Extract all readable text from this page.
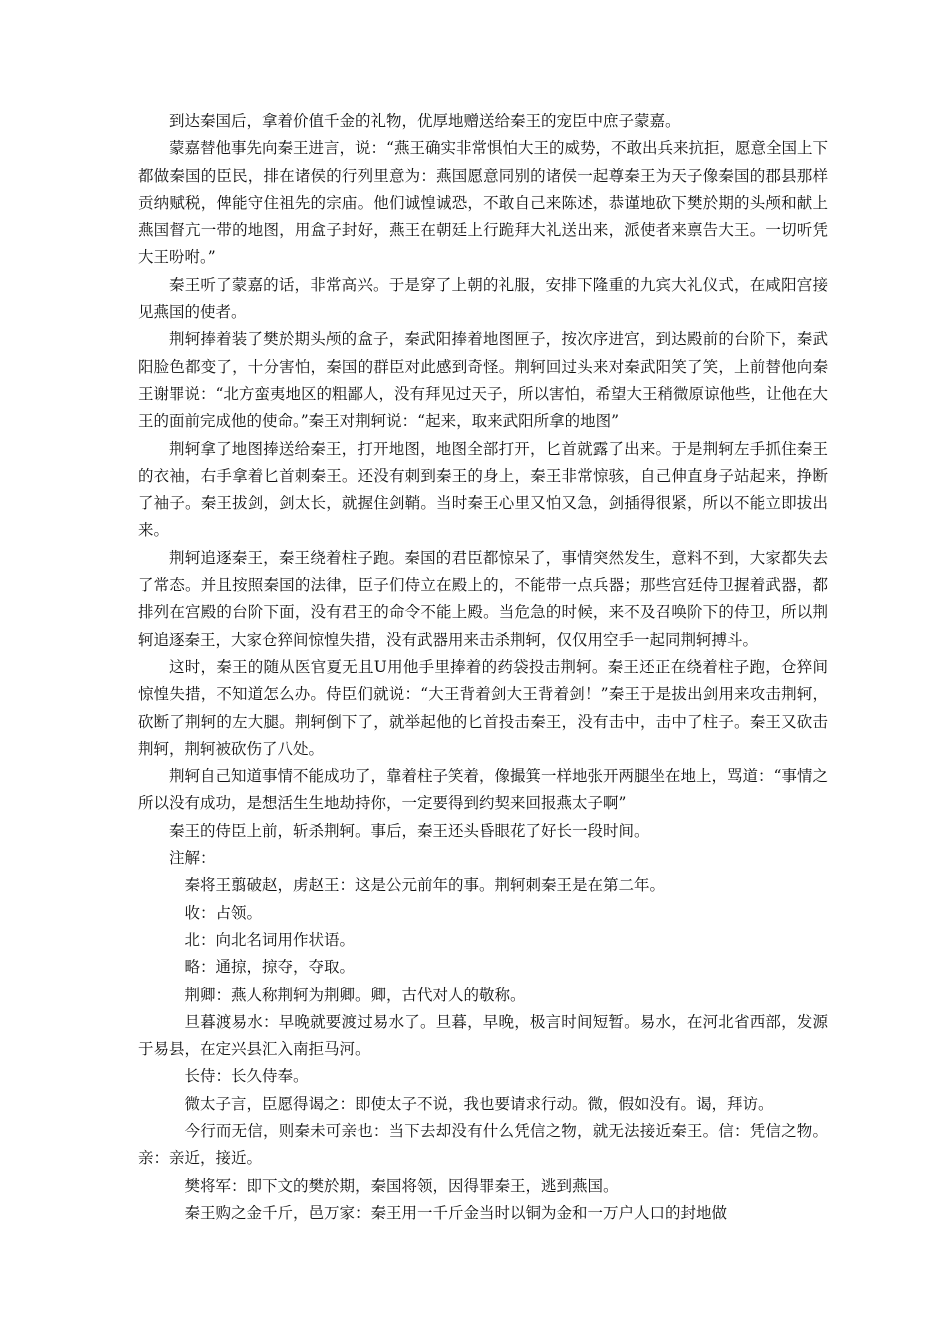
到达秦国后，拿着价值千金的礼物，优厚地赠送给秦王的宠臣中庶子蒙嘉。

蒙嘉替他事先向秦王进言，说：“燕王确实非常惧怕大王的威势，不敢出兵来抗拒，愿意全国上下都做秦国的臣民，排在诸侯的行列里意为：燕国愿意同别的诸侯一起尊秦王为天子像秦国的郡县那样贡纳赋税，俾能守住祖先的宗庙。他们诚惶诚恐，不敢自己来陈述，恭谨地砍下樊於期的头颅和献上燕国督亢一带的地图，用盒子封好，燕王在朝廷上行跪拜大礼送出来，派使者来禀告大王。一切听凭大王吩咐。”

秦王听了蒙嘉的话，非常高兴。于是穿了上朝的礼服，安排下隆重的九宾大礼仪式，在咸阳宫接见燕国的使者。

荆轲捧着装了樊於期头颅的盒子，秦武阳捧着地图匣子，按次序进宫，到达殿前的台阶下，秦武阳脸色都变了，十分害怕，秦国的群臣对此感到奇怪。荆轲回过头来对秦武阳笑了笑，上前替他向秦王谢罪说：“北方蛮夷地区的粗鄙人，没有拜见过天子，所以害怕，希望大王稍微原谅他些，让他在大王的面前完成他的使命。”秦王对荆轲说：“起来，取来武阳所拿的地图”

荆轲拿了地图捧送给秦王，打开地图，地图全部打开，匕首就露了出来。于是荆轲左手抓住秦王的衣袖，右手拿着匕首刺秦王。还没有刺到秦王的身上，秦王非常惊骇，自己伸直身子站起来，挣断了袖子。秦王拔剑，剑太长，就握住剑鞘。当时秦王心里又怕又急，剑插得很紧，所以不能立即拔出来。

荆轲追逐秦王，秦王绕着柱子跑。秦国的君臣都惊呆了，事情突然发生，意料不到，大家都失去了常态。并且按照秦国的法律，臣子们侍立在殿上的，不能带一点兵器；那些宫廷侍卫握着武器，都排列在宫殿的台阶下面，没有君王的命令不能上殿。当危急的时候，来不及召唤阶下的侍卫，所以荆轲追逐秦王，大家仓猝间惊惶失措，没有武器用来击杀荆轲，仅仅用空手一起同荆轲搏斗。

这时，秦王的随从医官夏无且U用他手里捧着的药袋投击荆轲。秦王还正在绕着柱子跑，仓猝间惊惶失措，不知道怎么办。侍臣们就说：“大王背着剑大王背着剑！”秦王于是拔出剑用来攻击荆轲，砍断了荆轲的左大腿。荆轲倒下了，就举起他的匕首投击秦王，没有击中，击中了柱子。秦王又砍击荆轲，荆轲被砍伤了八处。

荆轲自己知道事情不能成功了，靠着柱子笑着，像撮箕一样地张开两腿坐在地上，骂道：“事情之所以没有成功，是想活生生地劫持你，一定要得到约契来回报燕太子啊”

秦王的侍臣上前，斩杀荆轲。事后，秦王还头昏眼花了好长一段时间。

注解：

秦将王翦破赵，虏赵王：这是公元前年的事。荆轲刺秦王是在第二年。

收：占领。

北：向北名词用作状语。

略：通掠，掠夺，夺取。

荆卿：燕人称荆轲为荆卿。卿，古代对人的敬称。

旦暮渡易水：早晚就要渡过易水了。旦暮，早晚，极言时间短暂。易水，在河北省西部，发源于易县，在定兴县汇入南拒马河。

长侍：长久侍奉。

微太子言，臣愿得谒之：即使太子不说，我也要请求行动。微，假如没有。谒，拜访。

今行而无信，则秦未可亲也：当下去却没有什么凭信之物，就无法接近秦王。信：凭信之物。亲：亲近，接近。

樊将军：即下文的樊於期，秦国将领，因得罪秦王，逃到燕国。

秦王购之金千斤，邑万家：秦王用一千斤金当时以铜为金和一万户人口的封地做
